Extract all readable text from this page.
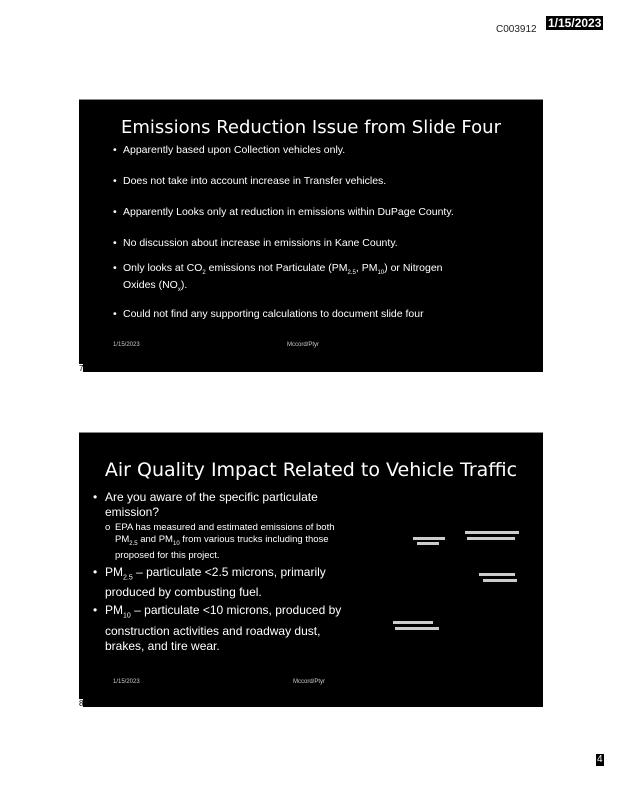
C003912 1/15/2023
Emissions Reduction Issue from Slide Four
• Apparently based upon Collection vehicles only.
• Does not take into account increase in Transfer vehicles.
• Apparently Looks only at reduction in emissions within DuPage County.
• No discussion about increase in emissions in Kane County.
• Only looks at $CO_2$ emissions not Particulate ($PM_{2.5}$, $PM_{10}$) or Nitrogen
Oxides $(NO_x)$.
• Could not find any supporting calculations to document slide four
1/15/2023	Mccord/Ptyr
7
Air Quality Impact Related to Vehicle Traffic
• Are you aware of the specific particulate
emission?
o EPA has measured and estimated emissions of both
$PM_{2.5}$ and $PM_{10}$ from various trucks including those
proposed for this project.
• $PM_{2.5}$ – particulate <2.5 microns, primarily
produced by combusting fuel.
• $PM_{10}$ – particulate <10 microns, produced by
construction activities and roadway dust,
brakes, and tire wear.
1/15/2023	Mccord/Ptyr
8
4
